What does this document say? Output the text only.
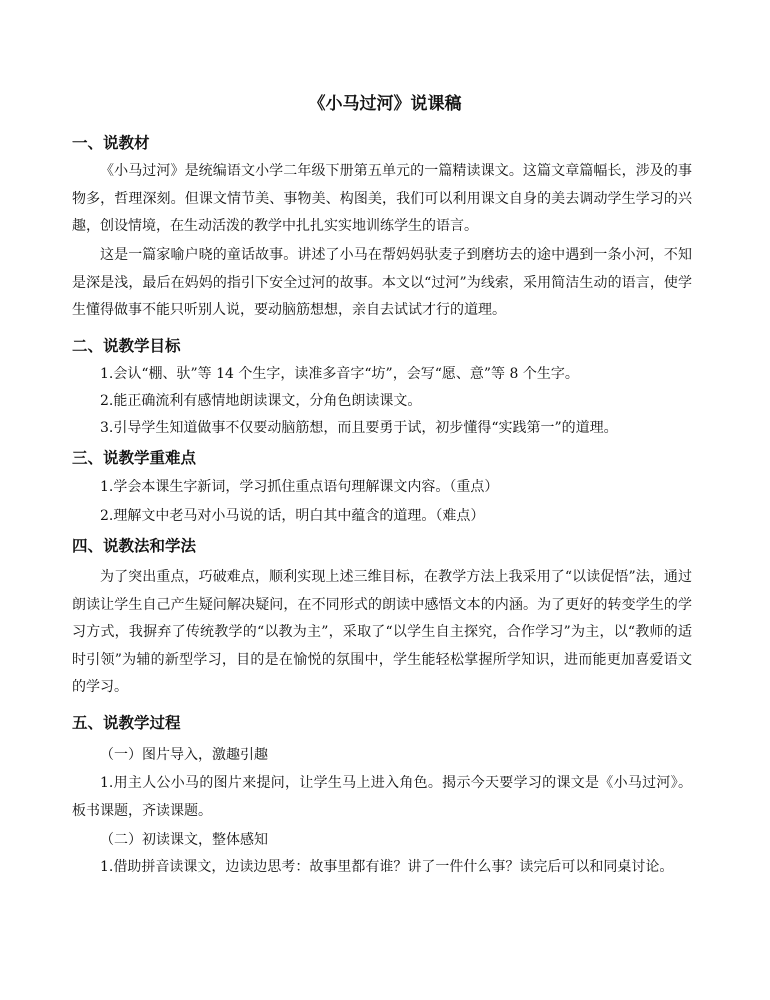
《小马过河》说课稿
一、说教材
《小马过河》是统编语文小学二年级下册第五单元的一篇精读课文。这篇文章篇幅长，涉及的事物多，哲理深刻。但课文情节美、事物美、构图美，我们可以利用课文自身的美去调动学生学习的兴趣，创设情境，在生动活泼的教学中扎扎实实地训练学生的语言。
这是一篇家喻户晓的童话故事。讲述了小马在帮妈妈驮麦子到磨坊去的途中遇到一条小河，不知是深是浅，最后在妈妈的指引下安全过河的故事。本文以“过河”为线索，采用简洁生动的语言，使学生懂得做事不能只听别人说，要动脑筋想想，亲自去试试才行的道理。
二、说教学目标
1.会认“棚、驮”等 14 个生字，读准多音字“坊”，会写“愿、意”等 8 个生字。
2.能正确流利有感情地朗读课文，分角色朗读课文。
3.引导学生知道做事不仅要动脑筋想，而且要勇于试，初步懂得“实践第一”的道理。
三、说教学重难点
1.学会本课生字新词，学习抓住重点语句理解课文内容。（重点）
2.理解文中老马对小马说的话，明白其中蕴含的道理。（难点）
四、说教法和学法
为了突出重点，巧破难点，顺利实现上述三维目标，在教学方法上我采用了“以读促悟”法，通过朗读让学生自己产生疑问解决疑问，在不同形式的朗读中感悟文本的内涵。为了更好的转变学生的学习方式，我摒弃了传统教学的“以教为主”，采取了“以学生自主探究，合作学习”为主，以“教师的适时引领”为辅的新型学习，目的是在愉悦的氛围中，学生能轻松掌握所学知识，进而能更加喜爱语文的学习。
五、说教学过程
（一）图片导入，激趣引趣
1.用主人公小马的图片来提问，让学生马上进入角色。揭示今天要学习的课文是《小马过河》。板书课题，齐读课题。
（二）初读课文，整体感知
1.借助拼音读课文，边读边思考：故事里都有谁？讲了一件什么事？读完后可以和同桌讨论。
